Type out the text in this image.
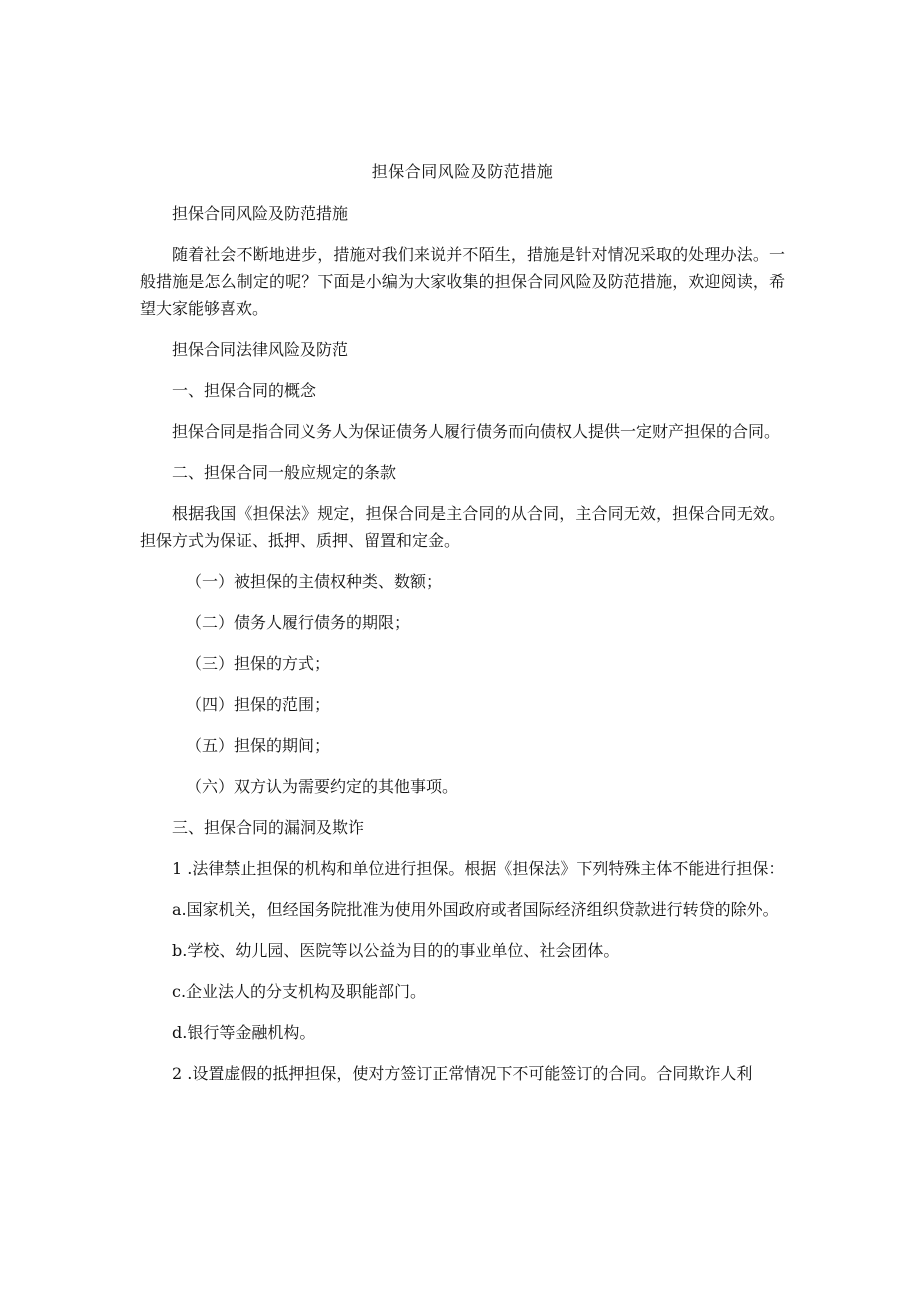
担保合同风险及防范措施

担保合同风险及防范措施

随着社会不断地进步，措施对我们来说并不陌生，措施是针对情况采取的处理办法。一般措施是怎么制定的呢？下面是小编为大家收集的担保合同风险及防范措施，欢迎阅读，希望大家能够喜欢。

担保合同法律风险及防范

一、担保合同的概念

担保合同是指合同义务人为保证债务人履行债务而向债权人提供一定财产担保的合同。

二、担保合同一般应规定的条款

根据我国《担保法》规定，担保合同是主合同的从合同，主合同无效，担保合同无效。担保方式为保证、抵押、质押、留置和定金。

（一）被担保的主债权种类、数额；
（二）债务人履行债务的期限；
（三）担保的方式；
（四）担保的范围；
（五）担保的期间；
（六）双方认为需要约定的其他事项。

三、担保合同的漏洞及欺诈

1 .法律禁止担保的机构和单位进行担保。根据《担保法》下列特殊主体不能进行担保：

a.国家机关，但经国务院批准为使用外国政府或者国际经济组织贷款进行转贷的除外。

b.学校、幼儿园、医院等以公益为目的的事业单位、社会团体。

c.企业法人的分支机构及职能部门。

d.银行等金融机构。

2 .设置虚假的抵押担保，使对方签订正常情况下不可能签订的合同。合同欺诈人利
